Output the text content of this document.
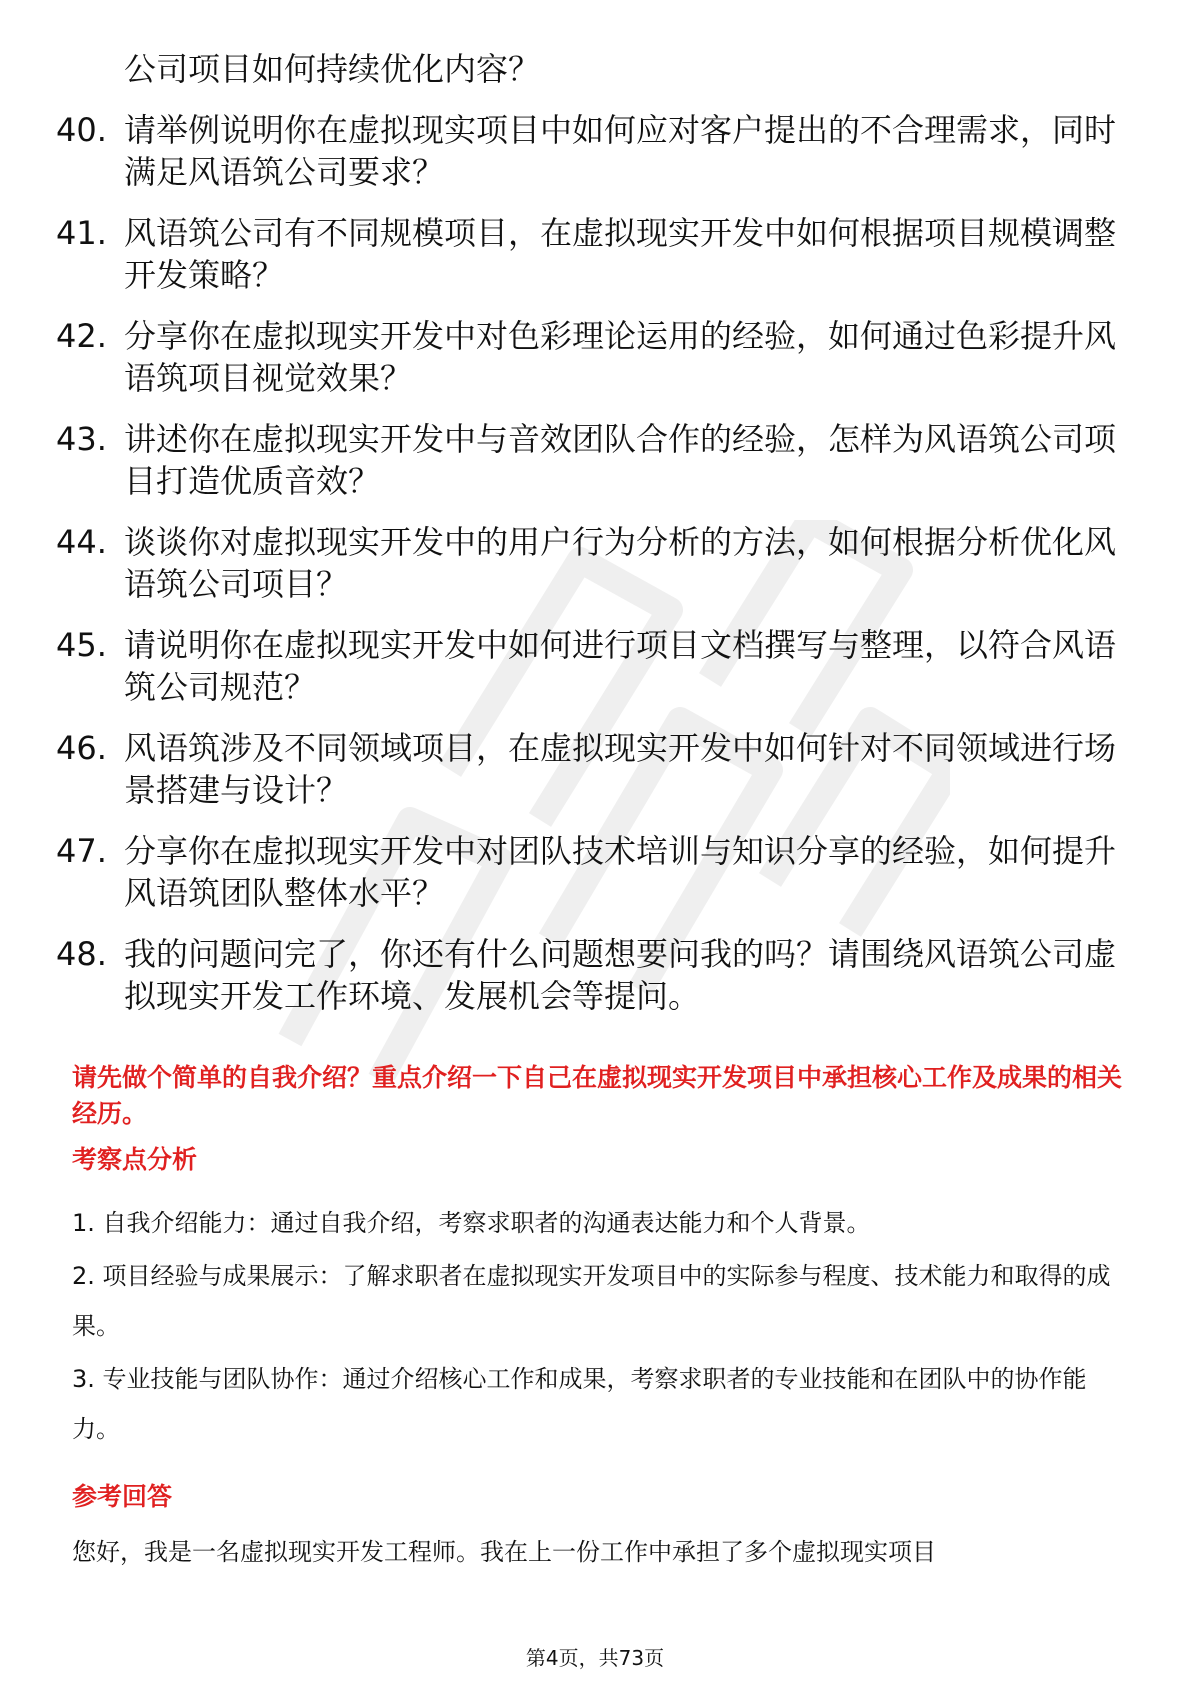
公司项目如何持续优化内容？
40. 请举例说明你在虚拟现实项目中如何应对客户提出的不合理需求，同时满足风语筑公司要求？
41. 风语筑公司有不同规模项目，在虚拟现实开发中如何根据项目规模调整开发策略？
42. 分享你在虚拟现实开发中对色彩理论运用的经验，如何通过色彩提升风语筑项目视觉效果？
43. 讲述你在虚拟现实开发中与音效团队合作的经验，怎样为风语筑公司项目打造优质音效？
44. 谈谈你对虚拟现实开发中的用户行为分析的方法，如何根据分析优化风语筑公司项目？
45. 请说明你在虚拟现实开发中如何进行项目文档撰写与整理，以符合风语筑公司规范？
46. 风语筑涉及不同领域项目，在虚拟现实开发中如何针对不同领域进行场景搭建与设计？
47. 分享你在虚拟现实开发中对团队技术培训与知识分享的经验，如何提升风语筑团队整体水平？
48. 我的问题问完了，你还有什么问题想要问我的吗？请围绕风语筑公司虚拟现实开发工作环境、发展机会等提问。
请先做个简单的自我介绍？重点介绍一下自己在虚拟现实开发项目中承担核心工作及成果的相关经历。
考察点分析

1. 自我介绍能力：通过自我介绍，考察求职者的沟通表达能力和个人背景。

2. 项目经验与成果展示：了解求职者在虚拟现实开发项目中的实际参与程度、技术能力和取得的成果。

3. 专业技能与团队协作：通过介绍核心工作和成果，考察求职者的专业技能和在团队中的协作能力。

参考回答
您好，我是一名虚拟现实开发工程师。我在上一份工作中承担了多个虚拟现实项目
第4页，共73页
